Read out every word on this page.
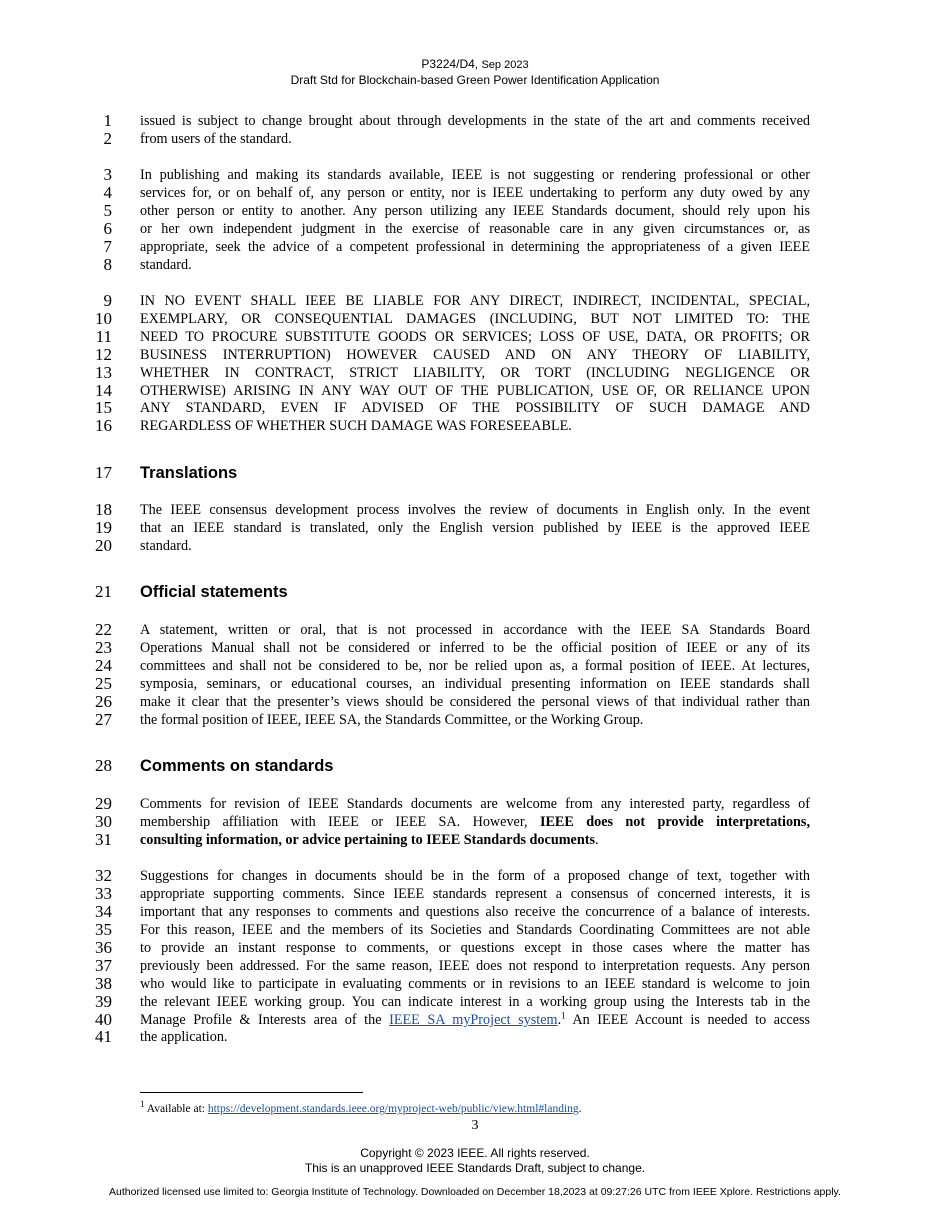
P3224/D4, Sep 2023
Draft Std for Blockchain-based Green Power Identification Application
1
2
3
4
5
6
7
8
9
10
11
12
13
14
15
16
17
18
19
20
21
22
23
24
25
26
27
28
29
30
31
32
33
34
35
36
37
38
39
40
41
issued is subject to change brought about through developments in the state of the art and comments received
from users of the standard.
In publishing and making its standards available, IEEE is not suggesting or rendering professional or other
services for, or on behalf of, any person or entity, nor is IEEE undertaking to perform any duty owed by any
other person or entity to another. Any person utilizing any IEEE Standards document, should rely upon his
or her own independent judgment in the exercise of reasonable care in any given circumstances or, as
appropriate, seek the advice of a competent professional in determining the appropriateness of a given IEEE
standard.
IN NO EVENT SHALL IEEE BE LIABLE FOR ANY DIRECT, INDIRECT, INCIDENTAL, SPECIAL,
EXEMPLARY, OR CONSEQUENTIAL DAMAGES (INCLUDING, BUT NOT LIMITED TO: THE
NEED TO PROCURE SUBSTITUTE GOODS OR SERVICES; LOSS OF USE, DATA, OR PROFITS; OR
BUSINESS INTERRUPTION) HOWEVER CAUSED AND ON ANY THEORY OF LIABILITY,
WHETHER IN CONTRACT, STRICT LIABILITY, OR TORT (INCLUDING NEGLIGENCE OR
OTHERWISE) ARISING IN ANY WAY OUT OF THE PUBLICATION, USE OF, OR RELIANCE UPON
ANY STANDARD, EVEN IF ADVISED OF THE POSSIBILITY OF SUCH DAMAGE AND
REGARDLESS OF WHETHER SUCH DAMAGE WAS FORESEEABLE.
Translations
The IEEE consensus development process involves the review of documents in English only. In the event
that an IEEE standard is translated, only the English version published by IEEE is the approved IEEE
standard.
Official statements
A statement, written or oral, that is not processed in accordance with the IEEE SA Standards Board
Operations Manual shall not be considered or inferred to be the official position of IEEE or any of its
committees and shall not be considered to be, nor be relied upon as, a formal position of IEEE. At lectures,
symposia, seminars, or educational courses, an individual presenting information on IEEE standards shall
make it clear that the presenter’s views should be considered the personal views of that individual rather than
the formal position of IEEE, IEEE SA, the Standards Committee, or the Working Group.
Comments on standards
Comments for revision of IEEE Standards documents are welcome from any interested party, regardless of
membership affiliation with IEEE or IEEE SA. However, IEEE does not provide interpretations,
consulting information, or advice pertaining to IEEE Standards documents.
Suggestions for changes in documents should be in the form of a proposed change of text, together with
appropriate supporting comments. Since IEEE standards represent a consensus of concerned interests, it is
important that any responses to comments and questions also receive the concurrence of a balance of interests.
For this reason, IEEE and the members of its Societies and Standards Coordinating Committees are not able
to provide an instant response to comments, or questions except in those cases where the matter has
previously been addressed. For the same reason, IEEE does not respond to interpretation requests. Any person
who would like to participate in evaluating comments or in revisions to an IEEE standard is welcome to join
the relevant IEEE working group. You can indicate interest in a working group using the Interests tab in the
Manage Profile & Interests area of the IEEE SA myProject system.$^1$ An IEEE Account is needed to access
the application.
$^1$ Available at: https://development.standards.ieee.org/myproject-web/public/view.html#landing.
3
Copyright © 2023 IEEE. All rights reserved.
This is an unapproved IEEE Standards Draft, subject to change.
Authorized licensed use limited to: Georgia Institute of Technology. Downloaded on December 18,2023 at 09:27:26 UTC from IEEE Xplore. Restrictions apply.
